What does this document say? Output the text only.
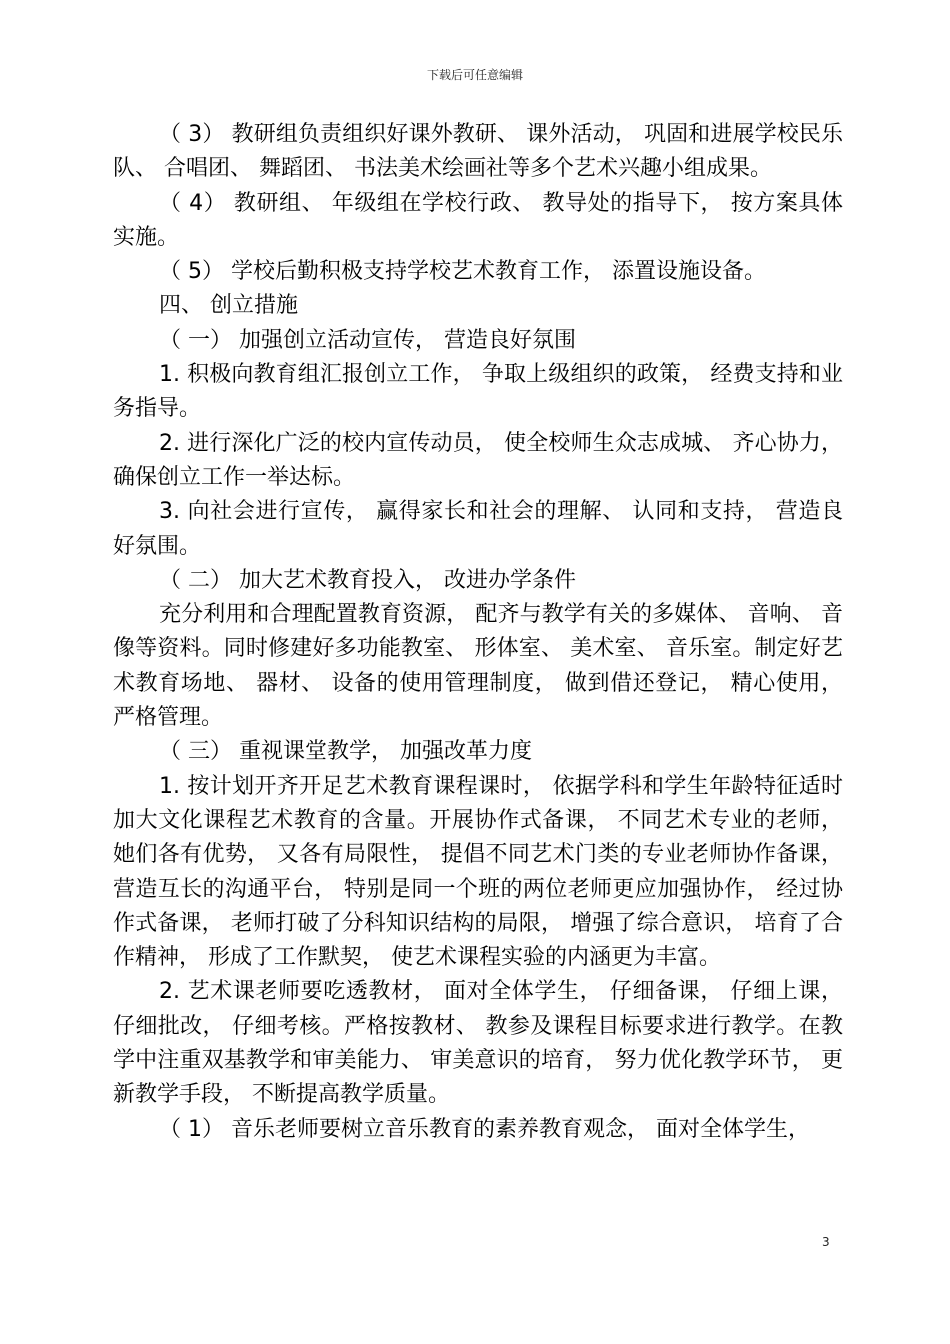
下载后可任意编辑

（ 3） 教研组负责组织好课外教研、 课外活动， 巩固和进展学校民乐队、 合唱团、 舞蹈团、 书法美术绘画社等多个艺术兴趣小组成果。

（ 4） 教研组、 年级组在学校行政、 教导处的指导下， 按方案具体实施。

（ 5） 学校后勤积极支持学校艺术教育工作， 添置设施设备。

四、 创立措施

（ 一） 加强创立活动宣传， 营造良好氛围

1. 积极向教育组汇报创立工作， 争取上级组织的政策， 经费支持和业务指导。

2. 进行深化广泛的校内宣传动员， 使全校师生众志成城、 齐心协力， 确保创立工作一举达标。

3. 向社会进行宣传， 赢得家长和社会的理解、 认同和支持， 营造良好氛围。

（ 二） 加大艺术教育投入， 改进办学条件

充分利用和合理配置教育资源， 配齐与教学有关的多媒体、 音响、 音像等资料。同时修建好多功能教室、 形体室、 美术室、 音乐室。制定好艺术教育场地、 器材、 设备的使用管理制度， 做到借还登记， 精心使用， 严格管理。

（ 三） 重视课堂教学， 加强改革力度

1. 按计划开齐开足艺术教育课程课时， 依据学科和学生年龄特征适时加大文化课程艺术教育的含量。开展协作式备课， 不同艺术专业的老师， 她们各有优势， 又各有局限性， 提倡不同艺术门类的专业老师协作备课， 营造互长的沟通平台， 特别是同一个班的两位老师更应加强协作， 经过协作式备课， 老师打破了分科知识结构的局限， 增强了综合意识， 培育了合作精神， 形成了工作默契， 使艺术课程实验的内涵更为丰富。

2. 艺术课老师要吃透教材， 面对全体学生， 仔细备课， 仔细上课， 仔细批改， 仔细考核。严格按教材、 教参及课程目标要求进行教学。在教学中注重双基教学和审美能力、 审美意识的培育， 努力优化教学环节， 更新教学手段， 不断提高教学质量。

（ 1） 音乐老师要树立音乐教育的素养教育观念， 面对全体学生，

3
